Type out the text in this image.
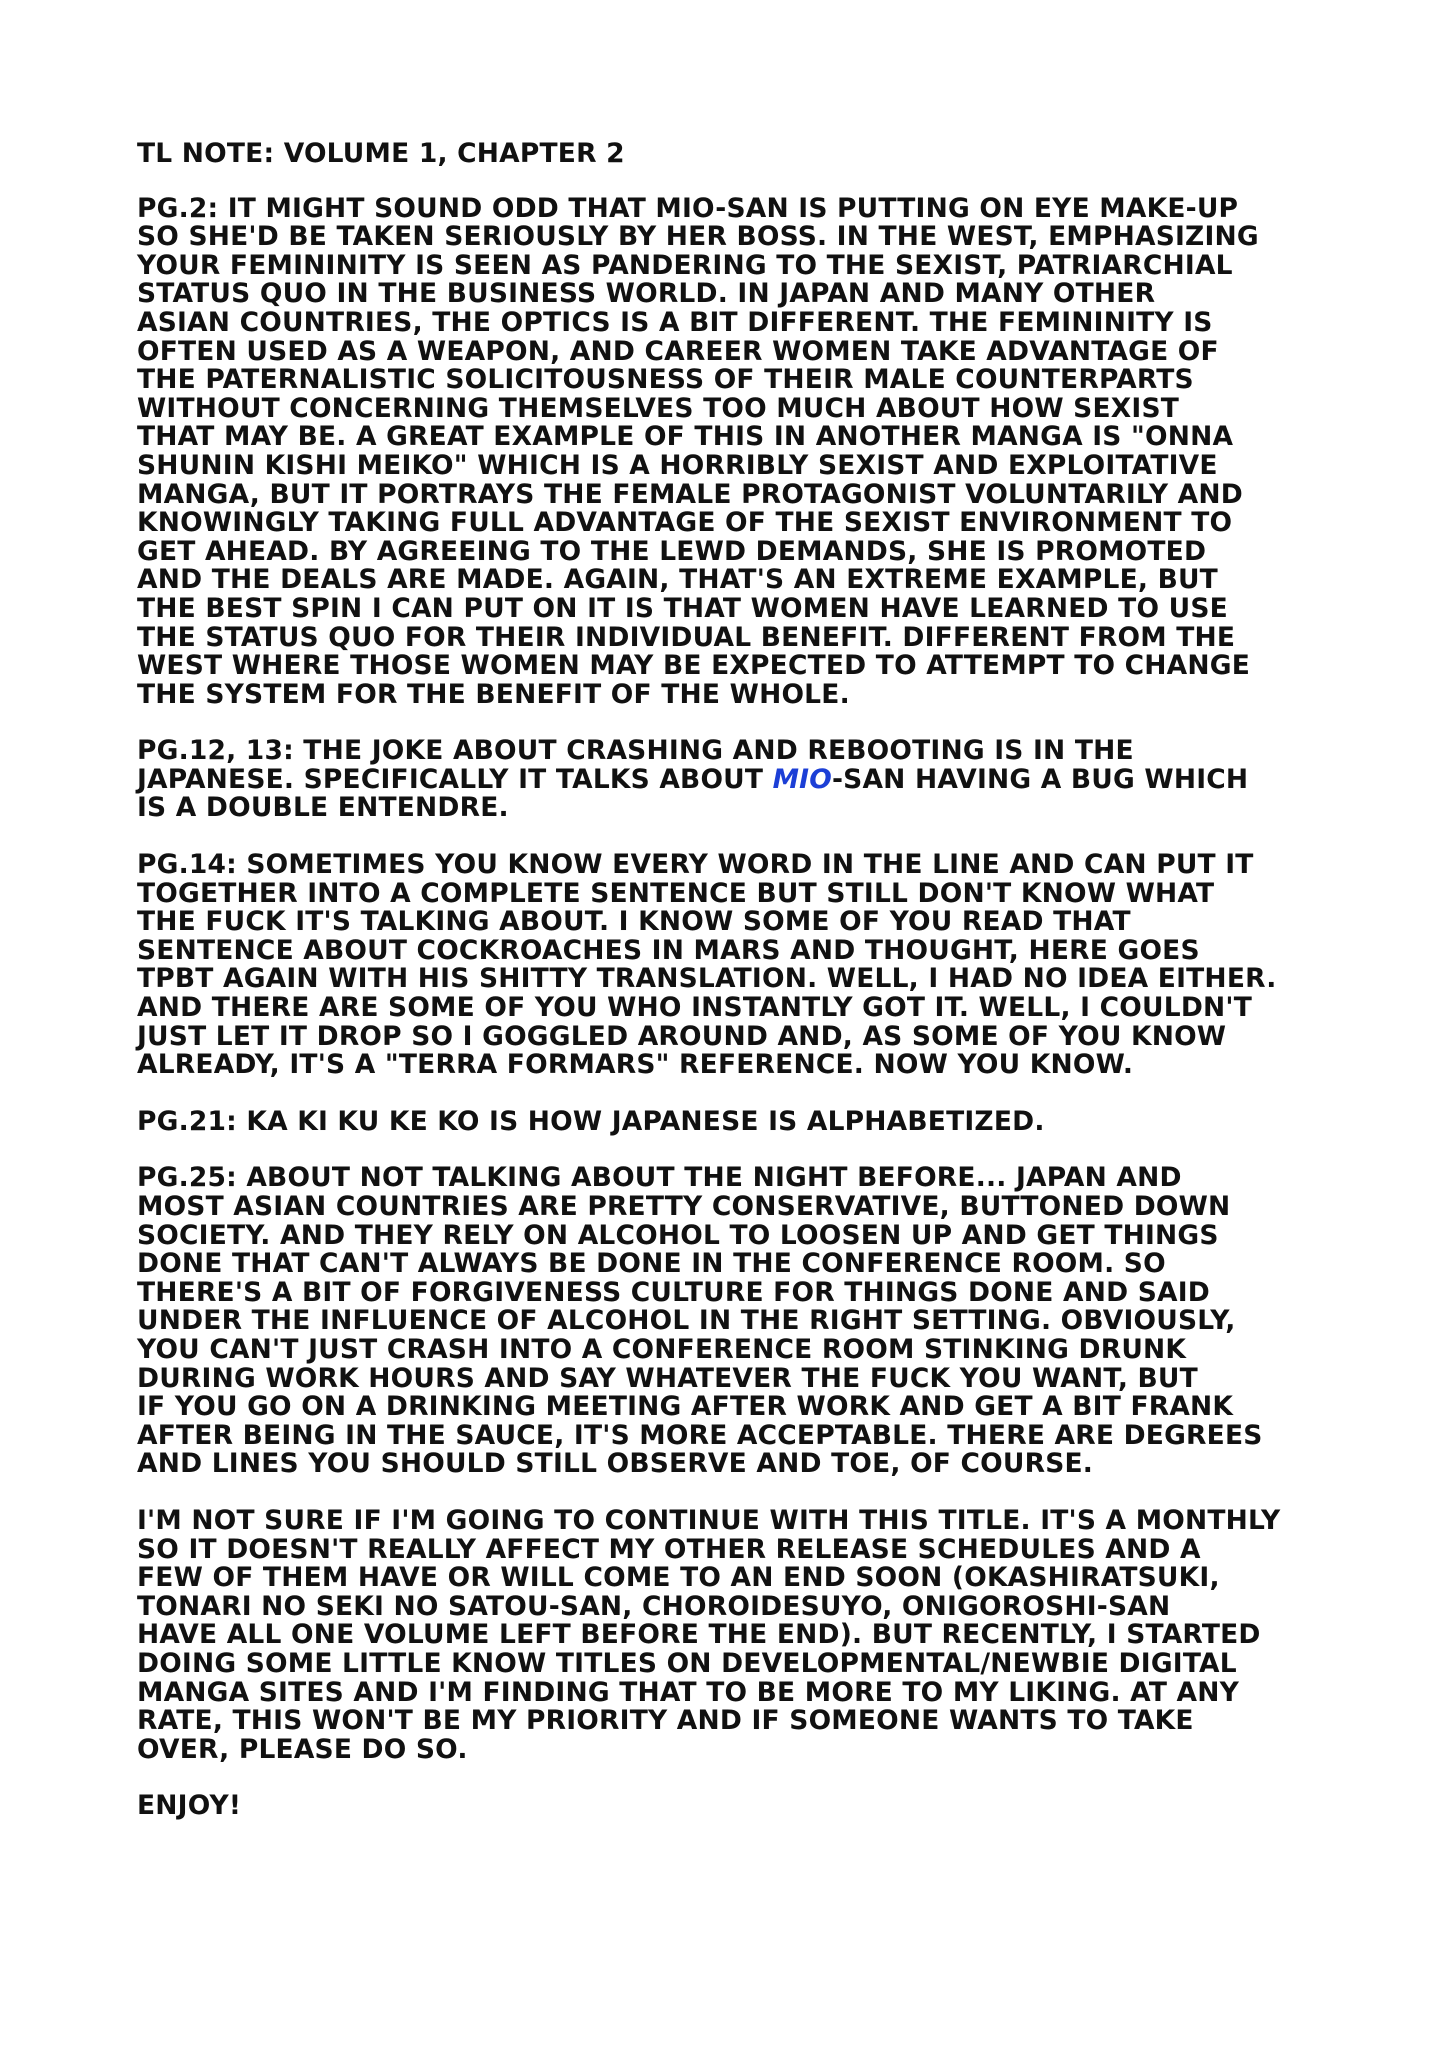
TL NOTE: VOLUME 1, CHAPTER 2
PG.2: IT MIGHT SOUND ODD THAT MIO-SAN IS PUTTING ON EYE MAKE-UP
SO SHE'D BE TAKEN SERIOUSLY BY HER BOSS. IN THE WEST, EMPHASIZING
YOUR FEMININITY IS SEEN AS PANDERING TO THE SEXIST, PATRIARCHIAL
STATUS QUO IN THE BUSINESS WORLD. IN JAPAN AND MANY OTHER
ASIAN COUNTRIES, THE OPTICS IS A BIT DIFFERENT. THE FEMININITY IS
OFTEN USED AS A WEAPON, AND CAREER WOMEN TAKE ADVANTAGE OF
THE PATERNALISTIC SOLICITOUSNESS OF THEIR MALE COUNTERPARTS
WITHOUT CONCERNING THEMSELVES TOO MUCH ABOUT HOW SEXIST
THAT MAY BE. A GREAT EXAMPLE OF THIS IN ANOTHER MANGA IS "ONNA
SHUNIN KISHI MEIKO" WHICH IS A HORRIBLY SEXIST AND EXPLOITATIVE
MANGA, BUT IT PORTRAYS THE FEMALE PROTAGONIST VOLUNTARILY AND
KNOWINGLY TAKING FULL ADVANTAGE OF THE SEXIST ENVIRONMENT TO
GET AHEAD. BY AGREEING TO THE LEWD DEMANDS, SHE IS PROMOTED
AND THE DEALS ARE MADE. AGAIN, THAT'S AN EXTREME EXAMPLE, BUT
THE BEST SPIN I CAN PUT ON IT IS THAT WOMEN HAVE LEARNED TO USE
THE STATUS QUO FOR THEIR INDIVIDUAL BENEFIT. DIFFERENT FROM THE
WEST WHERE THOSE WOMEN MAY BE EXPECTED TO ATTEMPT TO CHANGE
THE SYSTEM FOR THE BENEFIT OF THE WHOLE.
PG.12, 13: THE JOKE ABOUT CRASHING AND REBOOTING IS IN THE
JAPANESE. SPECIFICALLY IT TALKS ABOUT MIO-SAN HAVING A BUG WHICH
IS A DOUBLE ENTENDRE.
PG.14: SOMETIMES YOU KNOW EVERY WORD IN THE LINE AND CAN PUT IT
TOGETHER INTO A COMPLETE SENTENCE BUT STILL DON'T KNOW WHAT
THE FUCK IT'S TALKING ABOUT. I KNOW SOME OF YOU READ THAT
SENTENCE ABOUT COCKROACHES IN MARS AND THOUGHT, HERE GOES
TPBT AGAIN WITH HIS SHITTY TRANSLATION. WELL, I HAD NO IDEA EITHER.
AND THERE ARE SOME OF YOU WHO INSTANTLY GOT IT. WELL, I COULDN'T
JUST LET IT DROP SO I GOGGLED AROUND AND, AS SOME OF YOU KNOW
ALREADY, IT'S A "TERRA FORMARS" REFERENCE. NOW YOU KNOW.
PG.21: KA KI KU KE KO IS HOW JAPANESE IS ALPHABETIZED.
PG.25: ABOUT NOT TALKING ABOUT THE NIGHT BEFORE... JAPAN AND
MOST ASIAN COUNTRIES ARE PRETTY CONSERVATIVE, BUTTONED DOWN
SOCIETY. AND THEY RELY ON ALCOHOL TO LOOSEN UP AND GET THINGS
DONE THAT CAN'T ALWAYS BE DONE IN THE CONFERENCE ROOM. SO
THERE'S A BIT OF FORGIVENESS CULTURE FOR THINGS DONE AND SAID
UNDER THE INFLUENCE OF ALCOHOL IN THE RIGHT SETTING. OBVIOUSLY,
YOU CAN'T JUST CRASH INTO A CONFERENCE ROOM STINKING DRUNK
DURING WORK HOURS AND SAY WHATEVER THE FUCK YOU WANT, BUT
IF YOU GO ON A DRINKING MEETING AFTER WORK AND GET A BIT FRANK
AFTER BEING IN THE SAUCE, IT'S MORE ACCEPTABLE. THERE ARE DEGREES
AND LINES YOU SHOULD STILL OBSERVE AND TOE, OF COURSE.
I'M NOT SURE IF I'M GOING TO CONTINUE WITH THIS TITLE. IT'S A MONTHLY
SO IT DOESN'T REALLY AFFECT MY OTHER RELEASE SCHEDULES AND A
FEW OF THEM HAVE OR WILL COME TO AN END SOON (OKASHIRATSUKI,
TONARI NO SEKI NO SATOU-SAN, CHOROIDESUYO, ONIGOROSHI-SAN
HAVE ALL ONE VOLUME LEFT BEFORE THE END). BUT RECENTLY, I STARTED
DOING SOME LITTLE KNOW TITLES ON DEVELOPMENTAL/NEWBIE DIGITAL
MANGA SITES AND I'M FINDING THAT TO BE MORE TO MY LIKING. AT ANY
RATE, THIS WON'T BE MY PRIORITY AND IF SOMEONE WANTS TO TAKE
OVER, PLEASE DO SO.
ENJOY!
